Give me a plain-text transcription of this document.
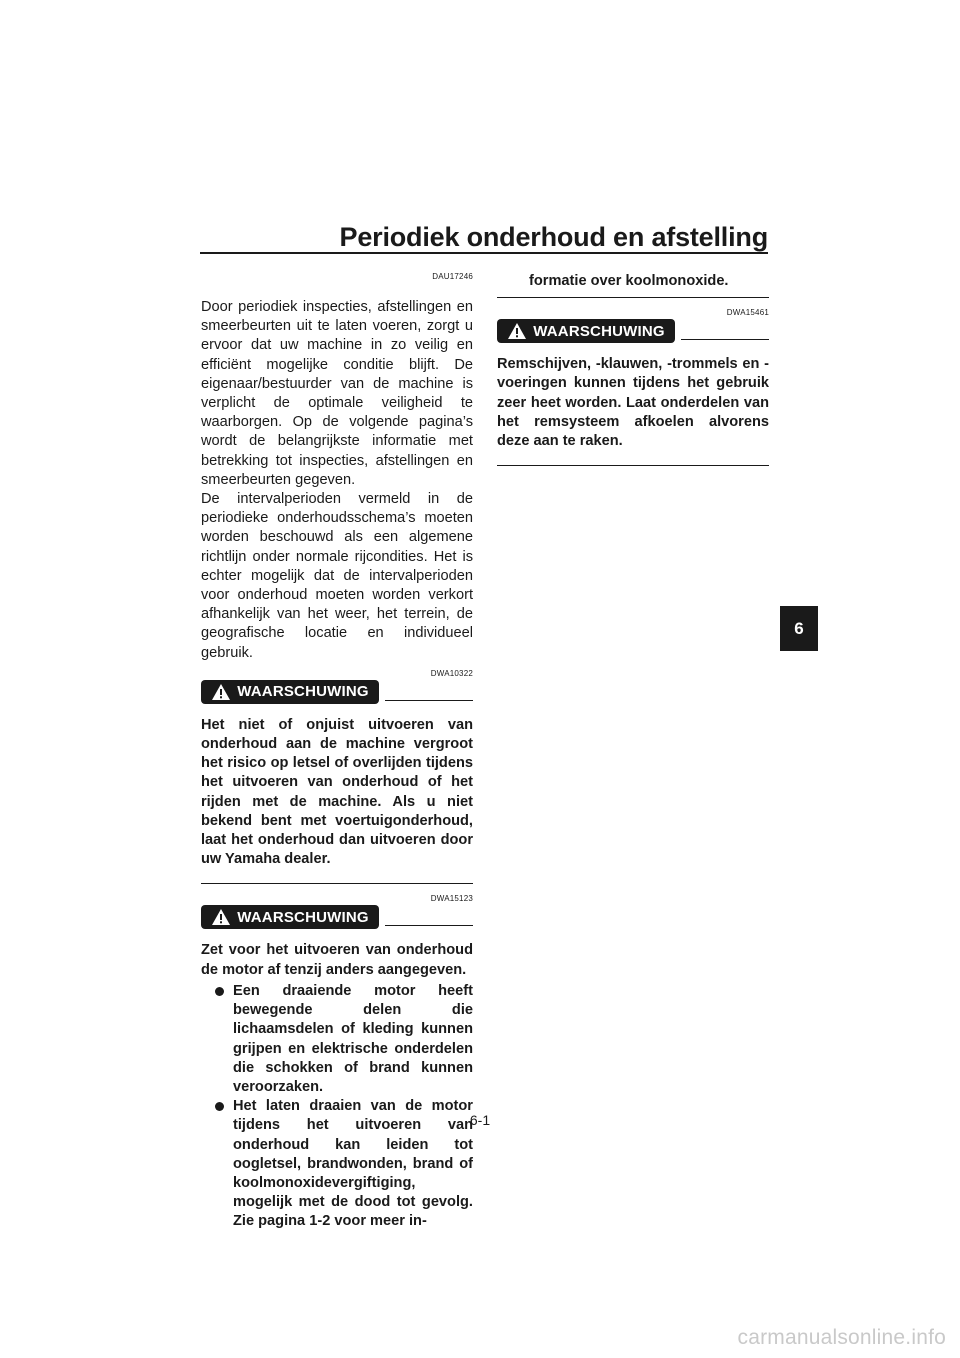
Periodiek onderhoud en afstelling
DAU17246

Door periodiek inspecties, afstellingen en smeerbeurten uit te laten voeren, zorgt u ervoor dat uw machine in zo veilig en efficiënt mogelijke conditie blijft. De eigenaar/bestuurder van de machine is verplicht de optimale veiligheid te waarborgen. Op de volgende pagina’s wordt de belangrijkste informatie met betrekking tot inspecties, afstellingen en smeerbeurten gegeven.

De intervalperioden vermeld in de periodieke onderhoudsschema’s moeten worden beschouwd als een algemene richtlijn onder normale rijcondities. Het is echter mogelijk dat de intervalperioden voor onderhoud moeten worden verkort afhankelijk van het weer, het terrein, de geografische locatie en individueel gebruik.

DWA10322
WAARSCHUWING

Het niet of onjuist uitvoeren van onderhoud aan de machine vergroot het risico op letsel of overlijden tijdens het uitvoeren van onderhoud of het rijden met de machine. Als u niet bekend bent met voertuigonderhoud, laat het onderhoud dan uitvoeren door uw Yamaha dealer.

DWA15123
WAARSCHUWING

Zet voor het uitvoeren van onderhoud de motor af tenzij anders aangegeven.

Een draaiende motor heeft bewegende delen die lichaamsdelen of kleding kunnen grijpen en elektrische onderdelen die schokken of brand kunnen veroorzaken.
Het laten draaien van de motor tijdens het uitvoeren van onderhoud kan leiden tot oogletsel, brandwonden, brand of koolmonoxidevergiftiging, mogelijk met de dood tot gevolg. Zie pagina 1-2 voor meer in-

formatie over koolmonoxide.

DWA15461
WAARSCHUWING

Remschijven, -klauwen, -trommels en -voeringen kunnen tijdens het gebruik zeer heet worden. Laat onderdelen van het remsysteem afkoelen alvorens deze aan te raken.

6
6-1
carmanualsonline.info
